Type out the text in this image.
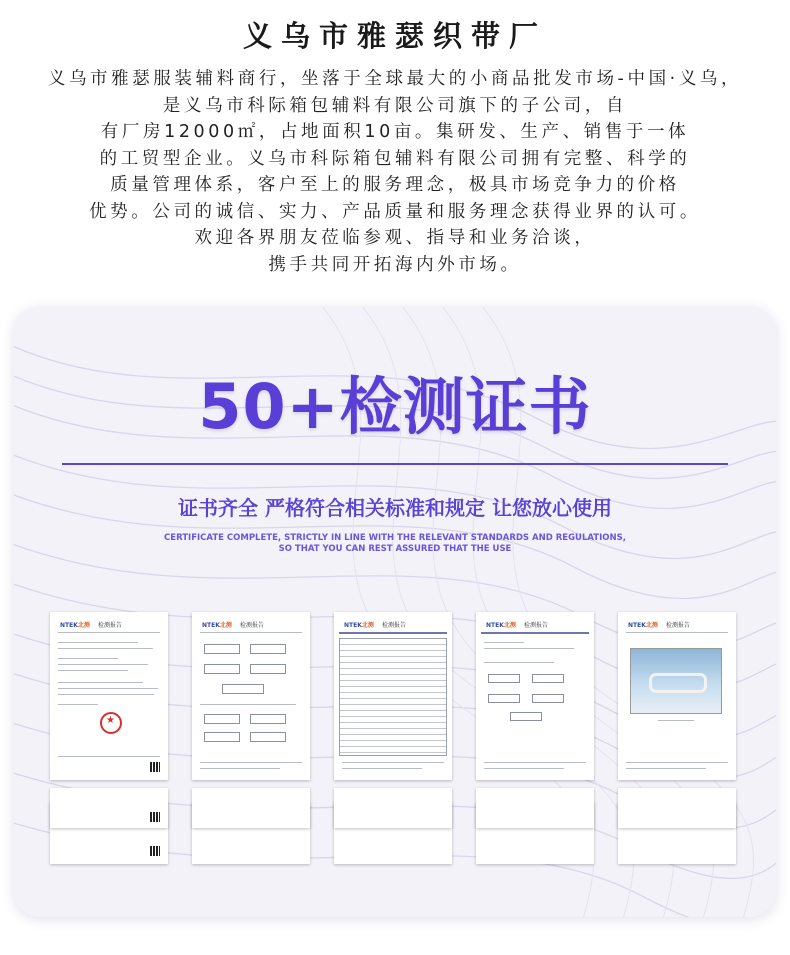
义乌市雅瑟织带厂
义乌市雅瑟服装辅料商行，坐落于全球最大的小商品批发市场-中国·义乌，
是义乌市科际箱包辅料有限公司旗下的子公司，自
有厂房12000㎡，占地面积10亩。集研发、生产、销售于一体
的工贸型企业。义乌市科际箱包辅料有限公司拥有完整、科学的
质量管理体系，客户至上的服务理念，极具市场竞争力的价格
优势。公司的诚信、实力、产品质量和服务理念获得业界的认可。
欢迎各界朋友莅临参观、指导和业务洽谈，
携手共同开拓海内外市场。
50+检测证书
证书齐全 严格符合相关标准和规定 让您放心使用
CERTIFICATE COMPLETE, STRICTLY IN LINE WITH THE RELEVANT STANDARDS AND REGULATIONS,
SO THAT YOU CAN REST ASSURED THAT THE USE
NTEK北测 检测报告
★	NTEK北测 检测报告	NTEK北测 检测报告	NTEK北测 检测报告	NTEK北测 检测报告
